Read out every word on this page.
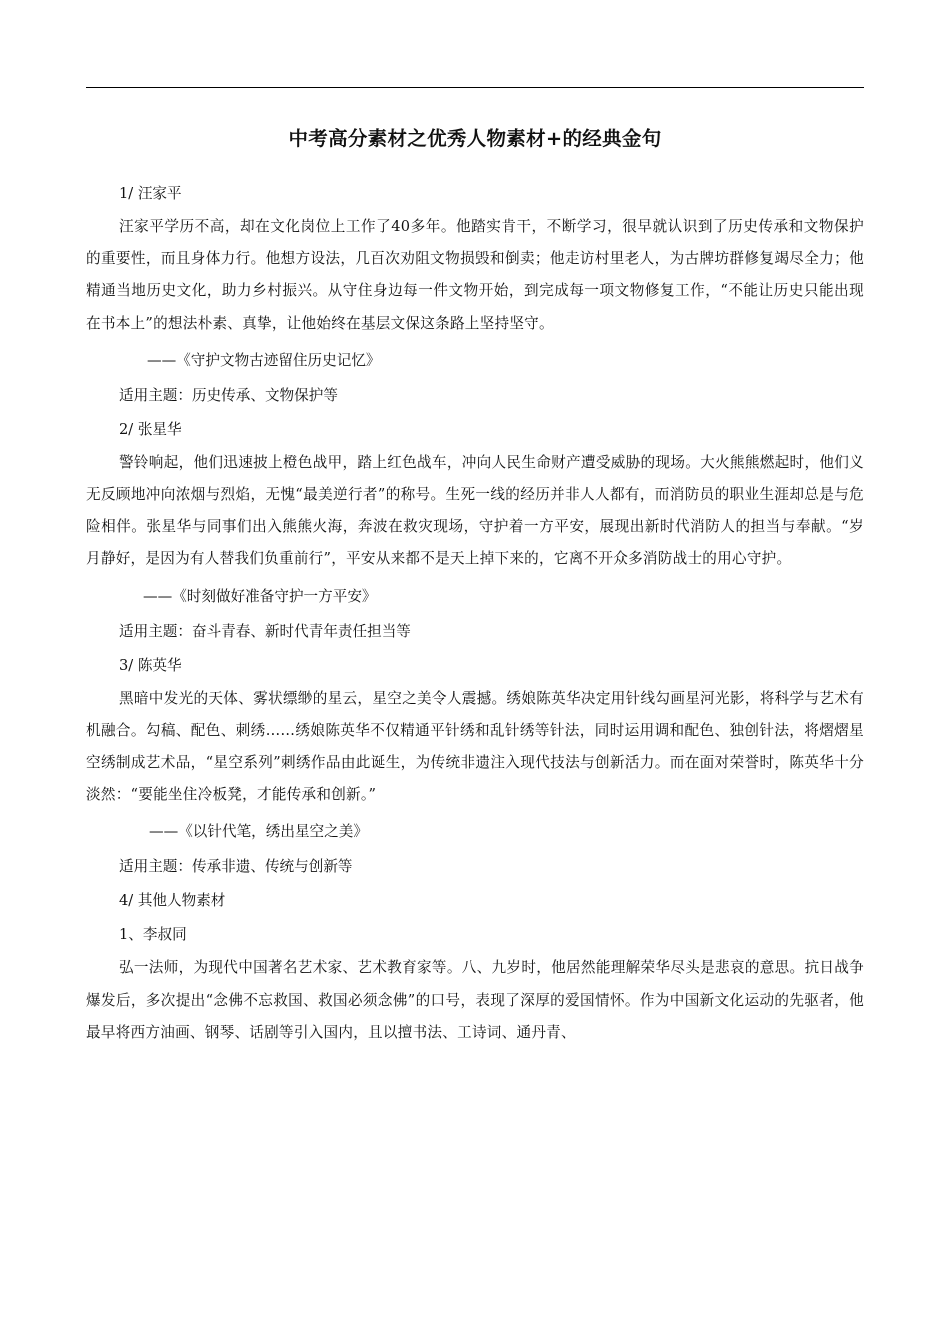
中考高分素材之优秀人物素材+的经典金句
1/ 汪家平
汪家平学历不高，却在文化岗位上工作了40多年。他踏实肯干，不断学习，很早就认识到了历史传承和文物保护的重要性，而且身体力行。他想方设法，几百次劝阻文物损毁和倒卖；他走访村里老人，为古牌坊群修复竭尽全力；他精通当地历史文化，助力乡村振兴。从守住身边每一件文物开始，到完成每一项文物修复工作，“不能让历史只能出现在书本上”的想法朴素、真挚，让他始终在基层文保这条路上坚持坚守。
——《守护文物古迹留住历史记忆》
适用主题：历史传承、文物保护等
2/ 张星华
警铃响起，他们迅速披上橙色战甲，踏上红色战车，冲向人民生命财产遭受威胁的现场。大火熊熊燃起时，他们义无反顾地冲向浓烟与烈焰，无愧“最美逆行者”的称号。生死一线的经历并非人人都有，而消防员的职业生涯却总是与危险相伴。张星华与同事们出入熊熊火海，奔波在救灾现场，守护着一方平安，展现出新时代消防人的担当与奉献。“岁月静好，是因为有人替我们负重前行”，平安从来都不是天上掉下来的，它离不开众多消防战士的用心守护。
——《时刻做好准备守护一方平安》
适用主题：奋斗青春、新时代青年责任担当等
3/ 陈英华
黑暗中发光的天体、雾状缥缈的星云，星空之美令人震撼。绣娘陈英华决定用针线勾画星河光影，将科学与艺术有机融合。勾稿、配色、刺绣……绣娘陈英华不仅精通平针绣和乱针绣等针法，同时运用调和配色、独创针法，将熠熠星空绣制成艺术品，“星空系列”刺绣作品由此诞生，为传统非遗注入现代技法与创新活力。而在面对荣誉时，陈英华十分淡然：“要能坐住冷板凳，才能传承和创新。”
——《以针代笔，绣出星空之美》
适用主题：传承非遗、传统与创新等
4/ 其他人物素材
1、李叔同
弘一法师，为现代中国著名艺术家、艺术教育家等。八、九岁时，他居然能理解荣华尽头是悲哀的意思。抗日战争爆发后，多次提出“念佛不忘救国、救国必须念佛”的口号，表现了深厚的爱国情怀。作为中国新文化运动的先驱者，他最早将西方油画、钢琴、话剧等引入国内，且以擅书法、工诗词、通丹青、
